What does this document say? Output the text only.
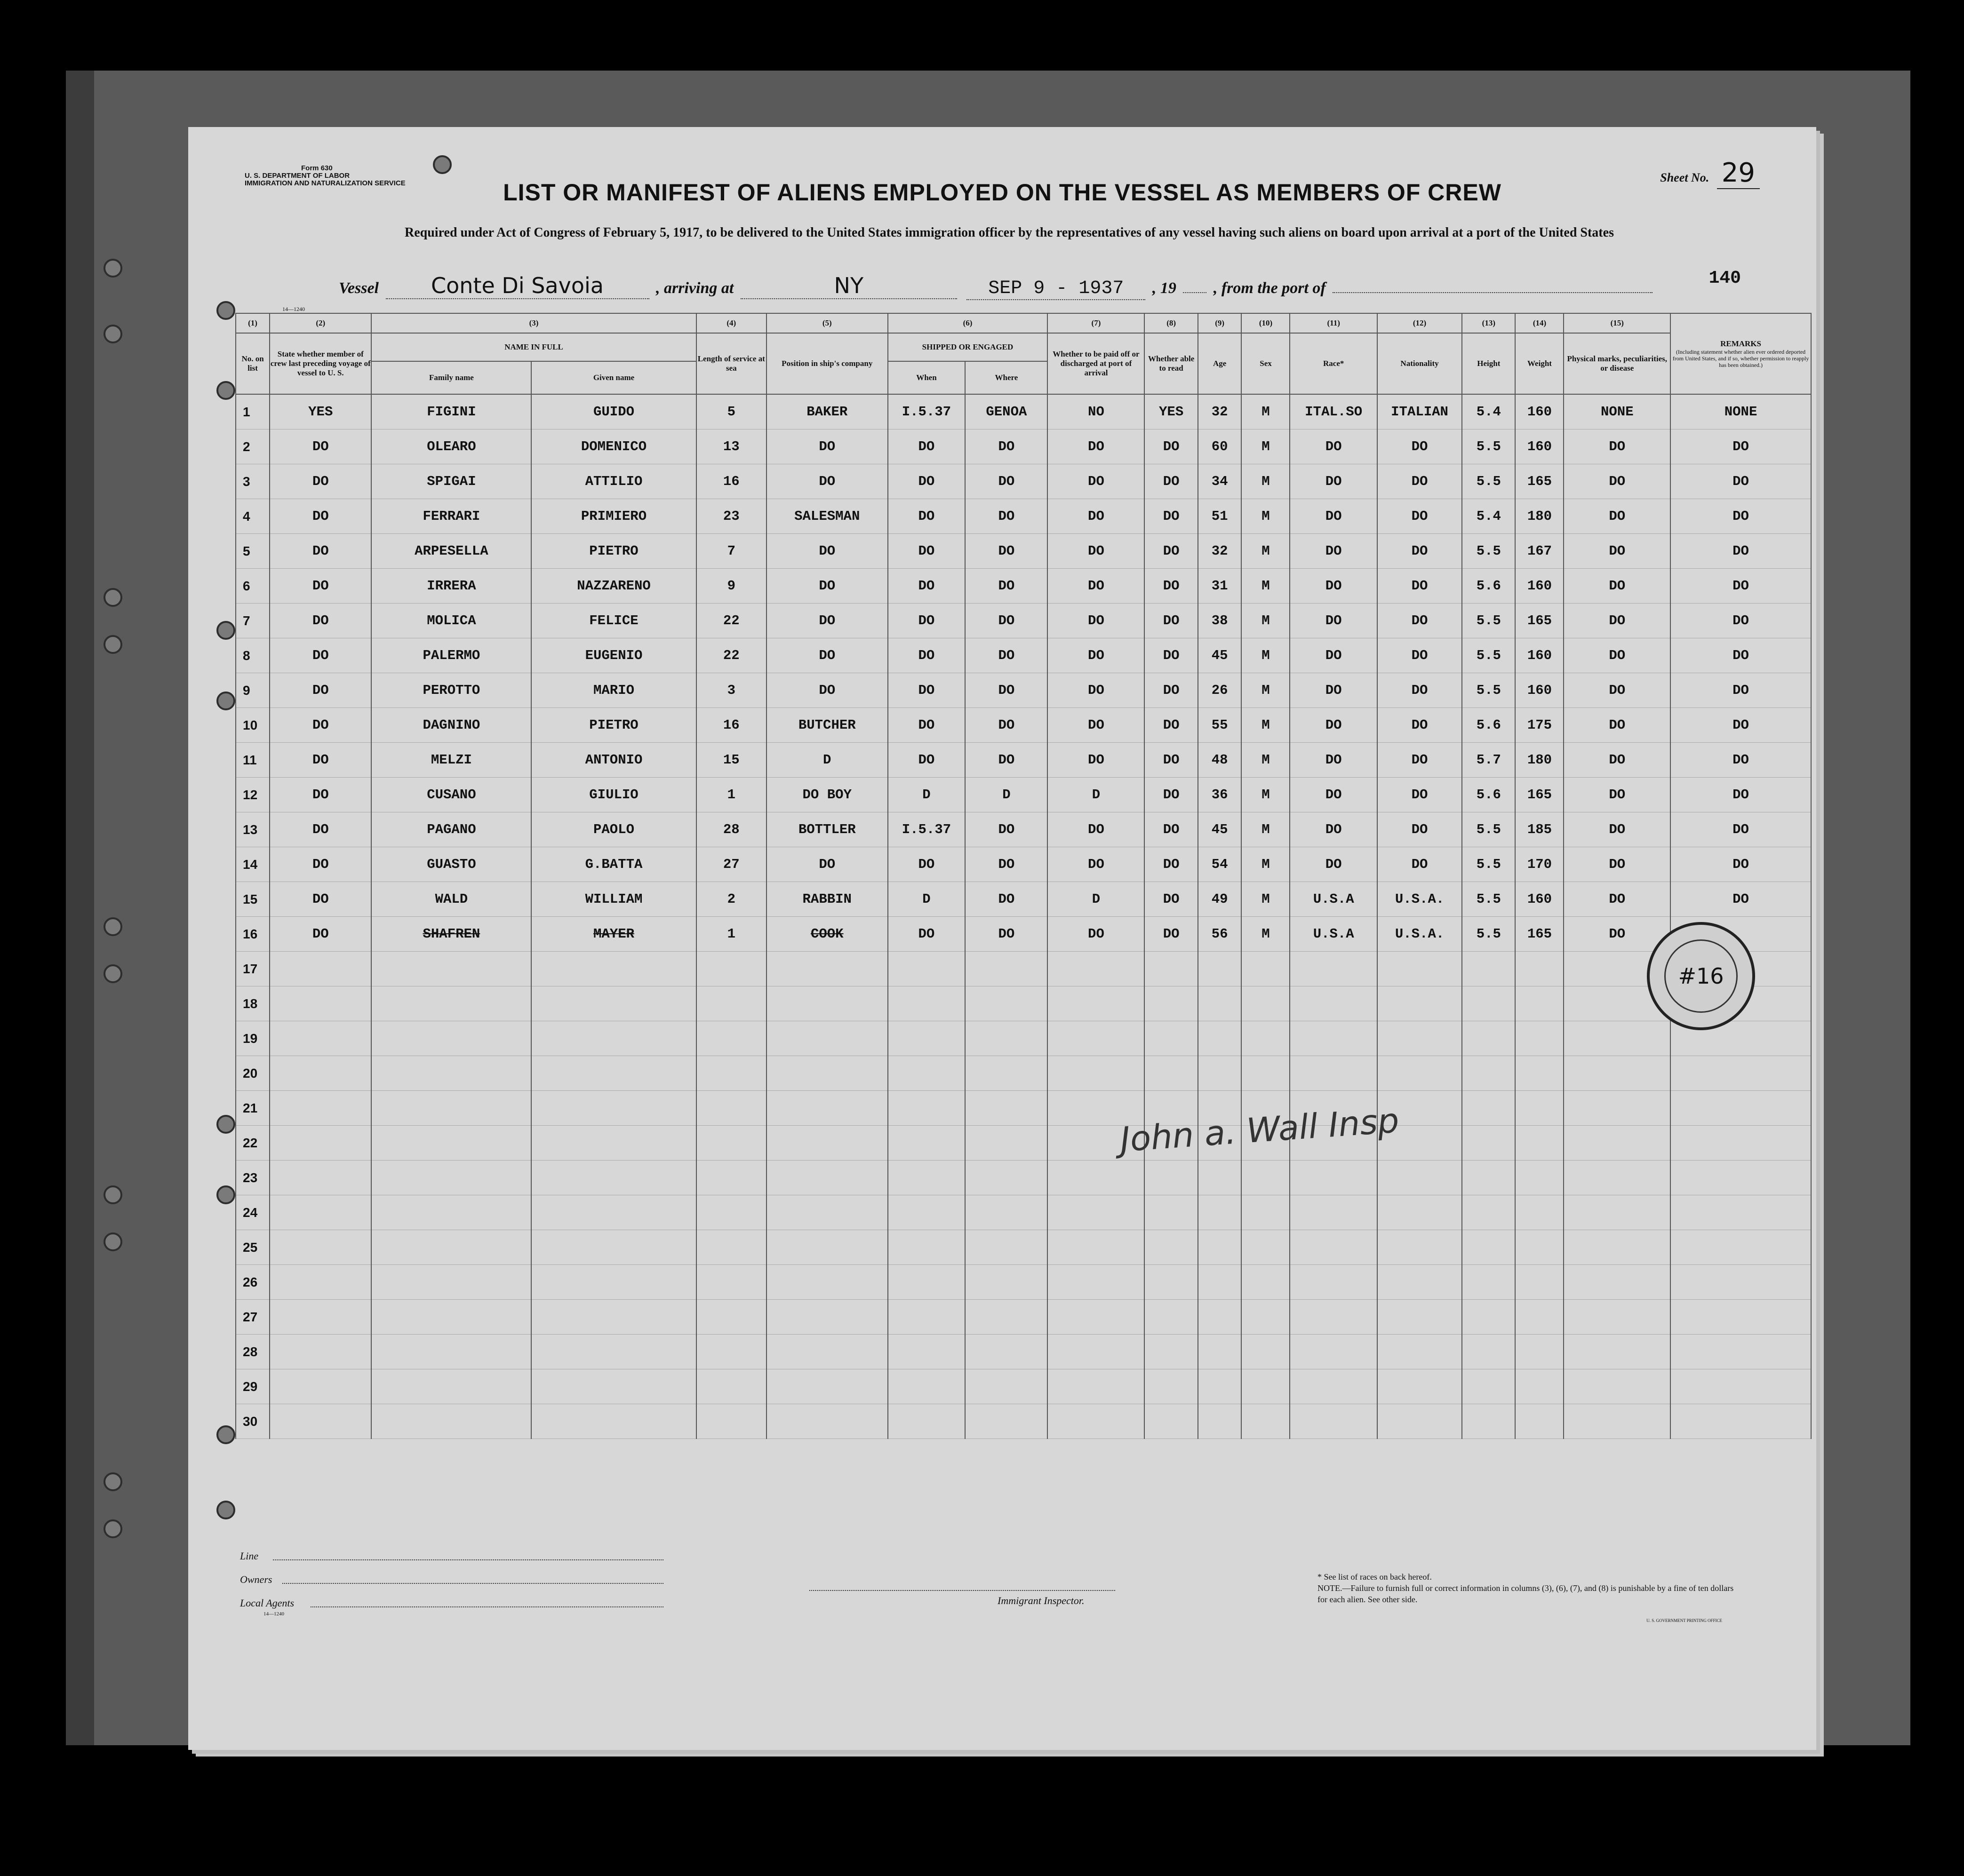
Form 630
U. S. DEPARTMENT OF LABOR
IMMIGRATION AND NATURALIZATION SERVICE	Sheet No. 29
LIST OR MANIFEST OF ALIENS EMPLOYED ON THE VESSEL AS MEMBERS OF CREW
Required under Act of Congress of February 5, 1917, to be delivered to the United States immigration officer by the representatives of any vessel having such aliens on board upon arrival at a port of the United States
Vessel Conte Di Savoia	, arriving at	NY	SEP 9 - 1937 , 19 , from the port of	140
14—1240
(1)	(2)	(3)		(4)	(5)	(6)		(7)	(8)	(9)	(10)	(11)	(12)	(13)	(14)	(15)	REMARKS
(Including statement whether alien ever ordered deported from United States, and if so, whether permission to reapply has been obtained.)

No. on list	State whether member of crew last preceding voyage of vessel to U. S.	NAME IN FULL		Length of service at sea	Position in ship's company	SHIPPED OR ENGAGED		Whether to be paid off or discharged at port of arrival	Whether able to read	Age	Sex	Race*	Nationality	Height	Weight	Physical marks, peculiarities, or disease	
		Family name	Given name			When	Where										
1	YES	FIGINI	GUIDO	5	BAKER	I.5.37	GENOA	NO	YES	32	M	ITAL.SO	ITALIAN	5.4	160	NONE	NONE
2	DO	OLEARO	DOMENICO	13	DO	DO	DO	DO	DO	60	M	DO	DO	5.5	160	DO	DO
3	DO	SPIGAI	ATTILIO	16	DO	DO	DO	DO	DO	34	M	DO	DO	5.5	165	DO	DO
4	DO	FERRARI	PRIMIERO	23	SALESMAN	DO	DO	DO	DO	51	M	DO	DO	5.4	180	DO	DO
5	DO	ARPESELLA	PIETRO	7	DO	DO	DO	DO	DO	32	M	DO	DO	5.5	167	DO	DO
6	DO	IRRERA	NAZZARENO	9	DO	DO	DO	DO	DO	31	M	DO	DO	5.6	160	DO	DO
7	DO	MOLICA	FELICE	22	DO	DO	DO	DO	DO	38	M	DO	DO	5.5	165	DO	DO
8	DO	PALERMO	EUGENIO	22	DO	DO	DO	DO	DO	45	M	DO	DO	5.5	160	DO	DO
9	DO	PEROTTO	MARIO	3	DO	DO	DO	DO	DO	26	M	DO	DO	5.5	160	DO	DO
10	DO	DAGNINO	PIETRO	16	BUTCHER	DO	DO	DO	DO	55	M	DO	DO	5.6	175	DO	DO
11	DO	MELZI	ANTONIO	15	D	DO	DO	DO	DO	48	M	DO	DO	5.7	180	DO	DO
12	DO	CUSANO	GIULIO	1	DO BOY	D	D	D	DO	36	M	DO	DO	5.6	165	DO	DO
13	DO	PAGANO	PAOLO	28	BOTTLER	I.5.37	DO	DO	DO	45	M	DO	DO	5.5	185	DO	DO
14	DO	GUASTO	G.BATTA	27	DO	DO	DO	DO	DO	54	M	DO	DO	5.5	170	DO	DO
15	DO	WALD	WILLIAM	2	RABBIN	D	DO	D	DO	49	M	U.S.A	U.S.A.	5.5	160	DO	DO
16	DO	SHAFREN	MAYER	1	COOK	DO	DO	DO	DO	56	M	U.S.A	U.S.A.	5.5	165	DO	
17																	
18																	
19																	
20																	
21																	
22																	
23																	
24																	
25																	
26																	
27																	
28																	
29																	
30																	
John a. Wall Insp
#16
Line
Owners
Local Agents
14—1240
Immigrant Inspector.
* See list of races on back hereof.
NOTE.—Failure to furnish full or correct information in columns (3), (6), (7), and (8) is punishable by a fine of ten dollars for each alien. See other side.
U. S. GOVERNMENT PRINTING OFFICE
